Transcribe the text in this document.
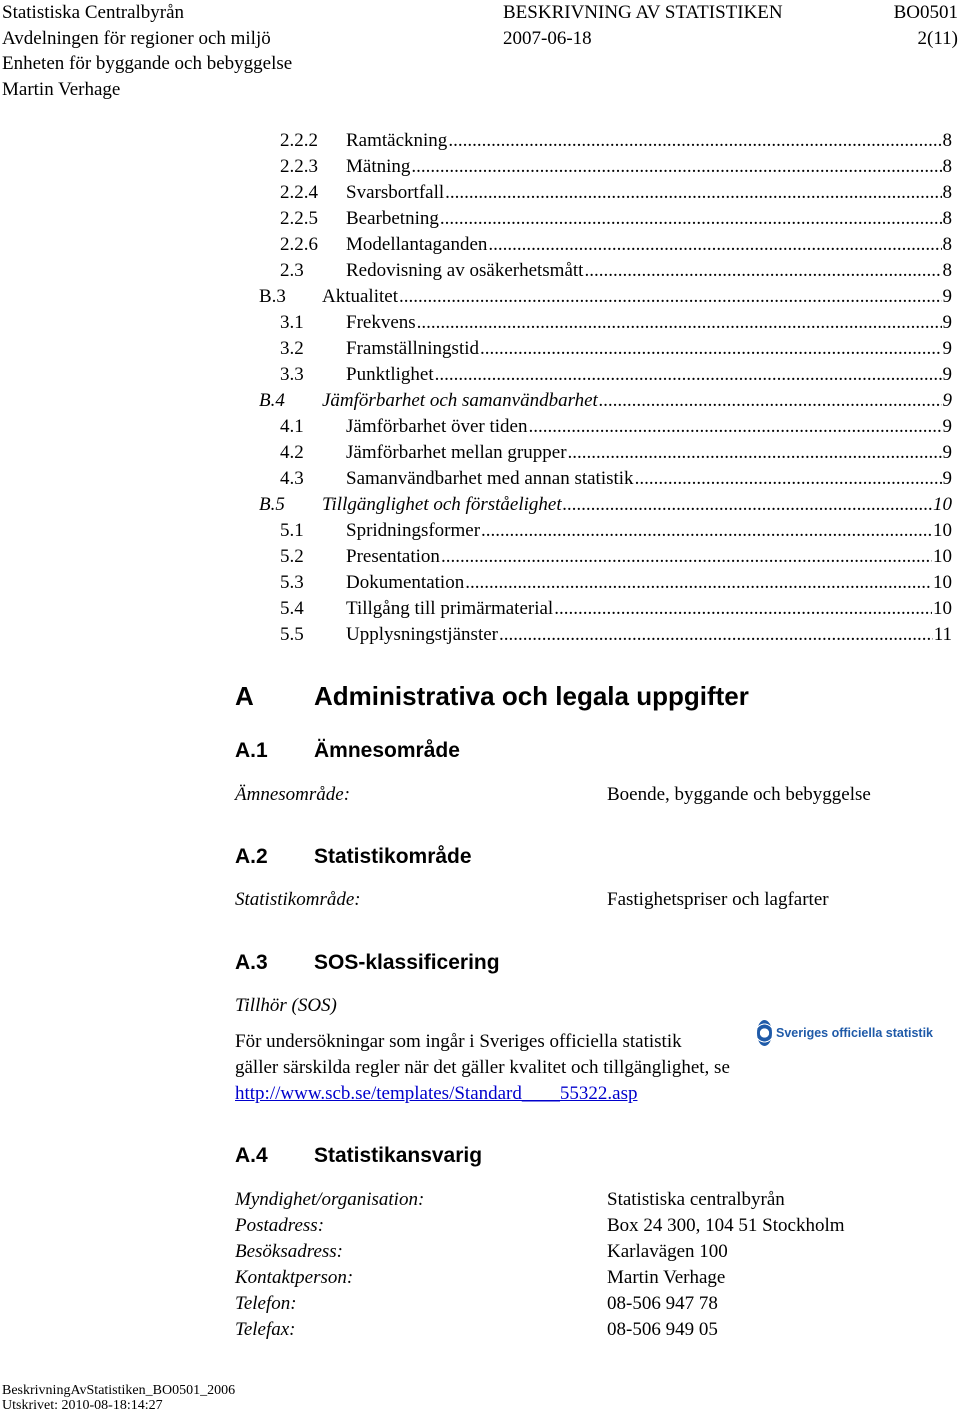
Statistiska Centralbyrån	BESKRIVNING AV STATISTIKEN	BO0501
Avdelningen för regioner och miljö	2007-06-18	2(11)
Enheten för byggande och bebyggelse
Martin Verhage
2.2.2	Ramtäckning .....	8
2.2.3	Mätning .....	8
2.2.4	Svarsbortfall .....	8
2.2.5	Bearbetning .....	8
2.2.6	Modellantaganden .....	8
2.3	Redovisning av osäkerhetsmått .....	8
B.3	Aktualitet .....	9
3.1	Frekvens .....	9
3.2	Framställningstid .....	9
3.3	Punktlighet .....	9
B.4	Jämförbarhet och samanvändbarhet .....	9
4.1	Jämförbarhet över tiden .....	9
4.2	Jämförbarhet mellan grupper .....	9
4.3	Samanvändbarhet med annan statistik .....	9
B.5	Tillgänglighet och förståelighet .....	10
5.1	Spridningsformer .....	10
5.2	Presentation .....	10
5.3	Dokumentation .....	10
5.4	Tillgång till primärmaterial .....	10
5.5	Upplysningstjänster .....	11
A Administrativa och legala uppgifter
A.1 Ämnesområde
Ämnesområde:	Boende, byggande och bebyggelse
A.2 Statistikområde
Statistikområde:	Fastighetspriser och lagfarter
A.3 SOS-klassificering
Tillhör (SOS)
För undersökningar som ingår i Sveriges officiella statistik	Sveriges officiella statistik
gäller särskilda regler när det gäller kvalitet och tillgänglighet, se
http://www.scb.se/templates/Standard____55322.asp
A.4 Statistikansvarig
Myndighet/organisation:	Statistiska centralbyrån
Postadress:	Box 24 300, 104 51 Stockholm
Besöksadress:	Karlavägen 100
Kontaktperson:	Martin Verhage
Telefon:	08-506 947 78
Telefax:	08-506 949 05
BeskrivningAvStatistiken_BO0501_2006
Utskrivet: 2010-08-18:14:27
